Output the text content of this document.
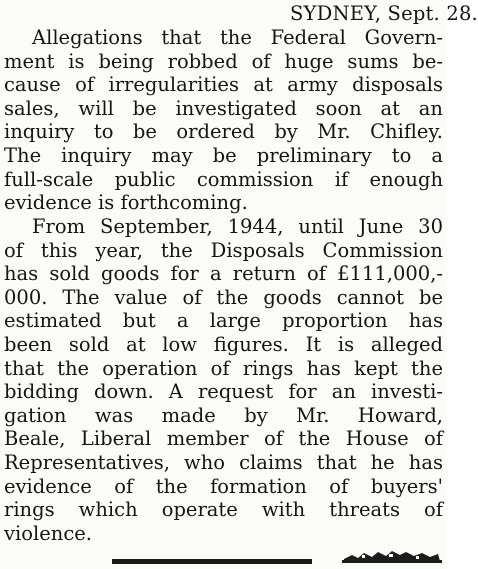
SYDNEY, Sept. 28.
Allegations that the Federal Govern-
ment is being robbed of huge sums be-
cause of irregularities at army disposals
sales, will be investigated soon at an
inquiry to be ordered by Mr. Chifley.
The inquiry may be preliminary to a
full-scale public commission if enough
evidence is forthcoming.
From September, 1944, until June 30
of this year, the Disposals Commission
has sold goods for a return of £111,000,-
000. The value of the goods cannot be
estimated but a large proportion has
been sold at low figures. It is alleged
that the operation of rings has kept the
bidding down. A request for an investi-
gation was made by Mr. Howard,
Beale, Liberal member of the House of
Representatives, who claims that he has
evidence of the formation of buyers'
rings which operate with threats of
violence.
